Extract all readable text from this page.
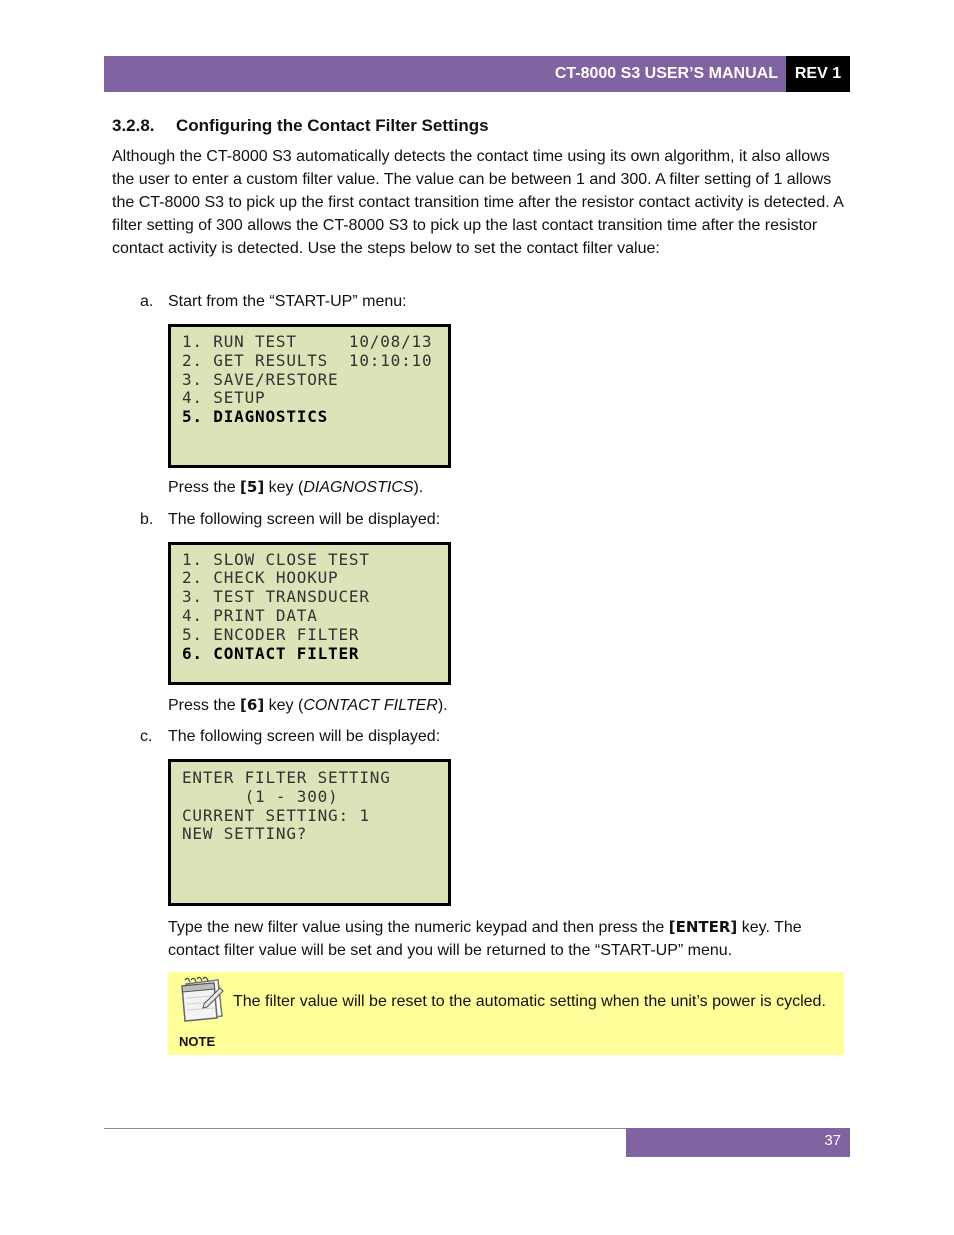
CT-8000 S3 USER’S MANUAL	REV 1
3.2.8. Configuring the Contact Filter Settings
Although the CT-8000 S3 automatically detects the contact time using its own algorithm, it also allows the user to enter a custom filter value. The value can be between 1 and 300. A filter setting of 1 allows the CT-8000 S3 to pick up the first contact transition time after the resistor contact activity is detected. A filter setting of 300 allows the CT-8000 S3 to pick up the last contact transition time after the resistor contact activity is detected. Use the steps below to set the contact filter value:
a. Start from the “START-UP” menu:
1. RUN TEST     10/08/13
2. GET RESULTS  10:10:10
3. SAVE/RESTORE
4. SETUP
5. DIAGNOSTICS
Press the [5] key (DIAGNOSTICS).
b. The following screen will be displayed:
1. SLOW CLOSE TEST
2. CHECK HOOKUP
3. TEST TRANSDUCER
4. PRINT DATA
5. ENCODER FILTER
6. CONTACT FILTER
Press the [6] key (CONTACT FILTER).
c. The following screen will be displayed:
ENTER FILTER SETTING
(1 - 300)
CURRENT SETTING: 1
NEW SETTING?
Type the new filter value using the numeric keypad and then press the [ENTER] key. The contact filter value will be set and you will be returned to the “START-UP” menu.
NOTE
The filter value will be reset to the automatic setting when the unit’s power is cycled.
37
